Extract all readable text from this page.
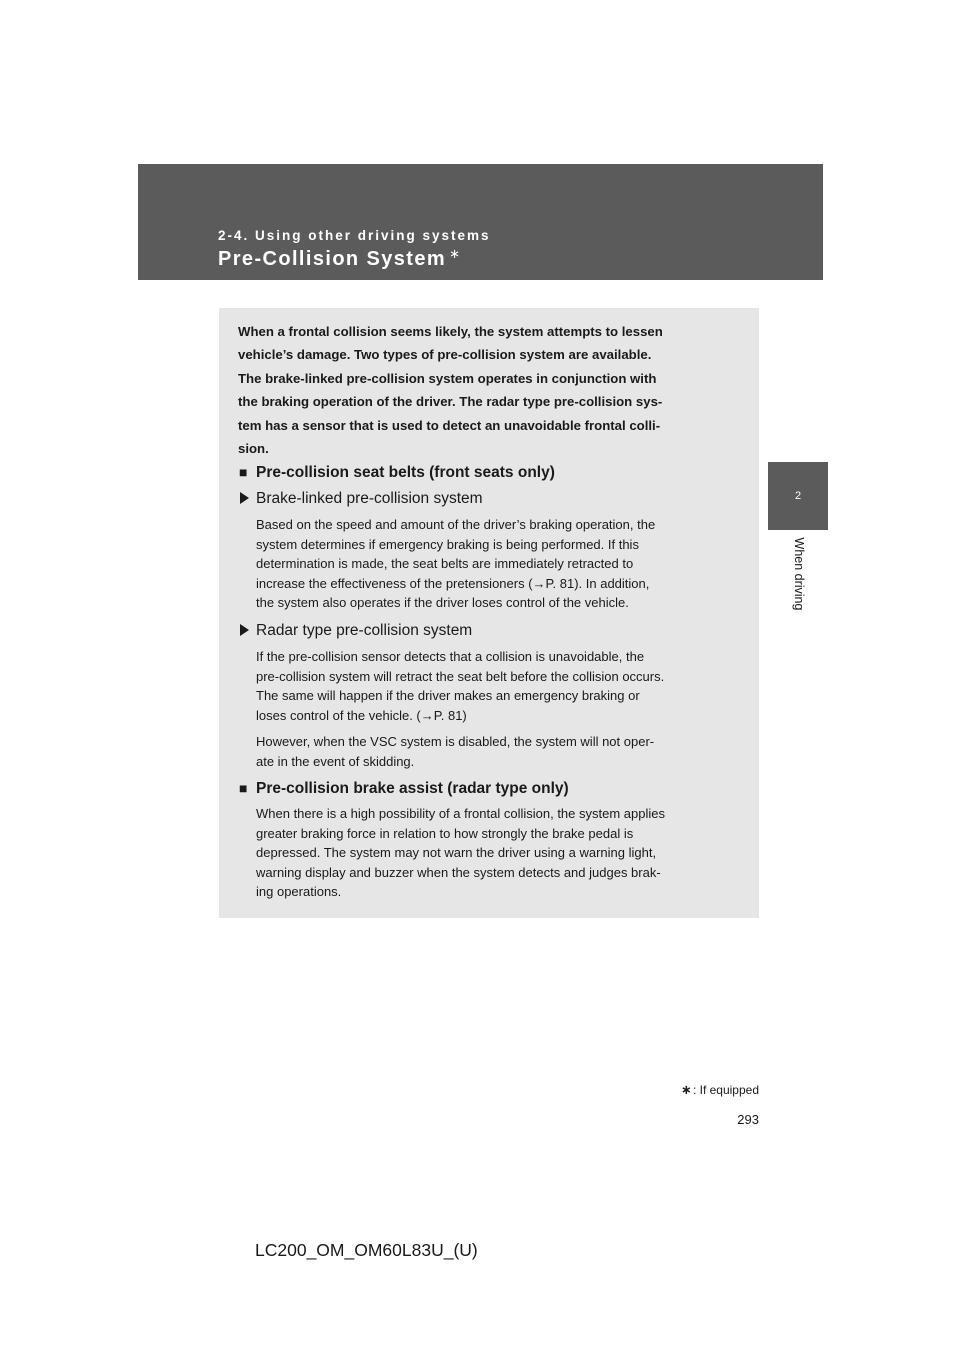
2-4. Using other driving systems
Pre-Collision System ∗
2
When driving

When a frontal collision seems likely, the system attempts to lessen
vehicle’s damage. Two types of pre-collision system are available.
The brake-linked pre-collision system operates in conjunction with
the braking operation of the driver. The radar type pre-collision sys-
tem has a sensor that is used to detect an unavoidable frontal colli-
sion.

■ Pre-collision seat belts (front seats only)
Brake-linked pre-collision system

Based on the speed and amount of the driver’s braking operation, the
system determines if emergency braking is being performed. If this
determination is made, the seat belts are immediately retracted to
increase the effectiveness of the pretensioners (→P. 81). In addition,
the system also operates if the driver loses control of the vehicle.

Radar type pre-collision system

If the pre-collision sensor detects that a collision is unavoidable, the
pre-collision system will retract the seat belt before the collision occurs.
The same will happen if the driver makes an emergency braking or
loses control of the vehicle. (→P. 81)

However, when the VSC system is disabled, the system will not oper-
ate in the event of skidding.

■ Pre-collision brake assist (radar type only)

When there is a high possibility of a frontal collision, the system applies
greater braking force in relation to how strongly the brake pedal is
depressed. The system may not warn the driver using a warning light,
warning display and buzzer when the system detects and judges brak-
ing operations.

∗: If equipped
293
LC200_OM_OM60L83U_(U)
